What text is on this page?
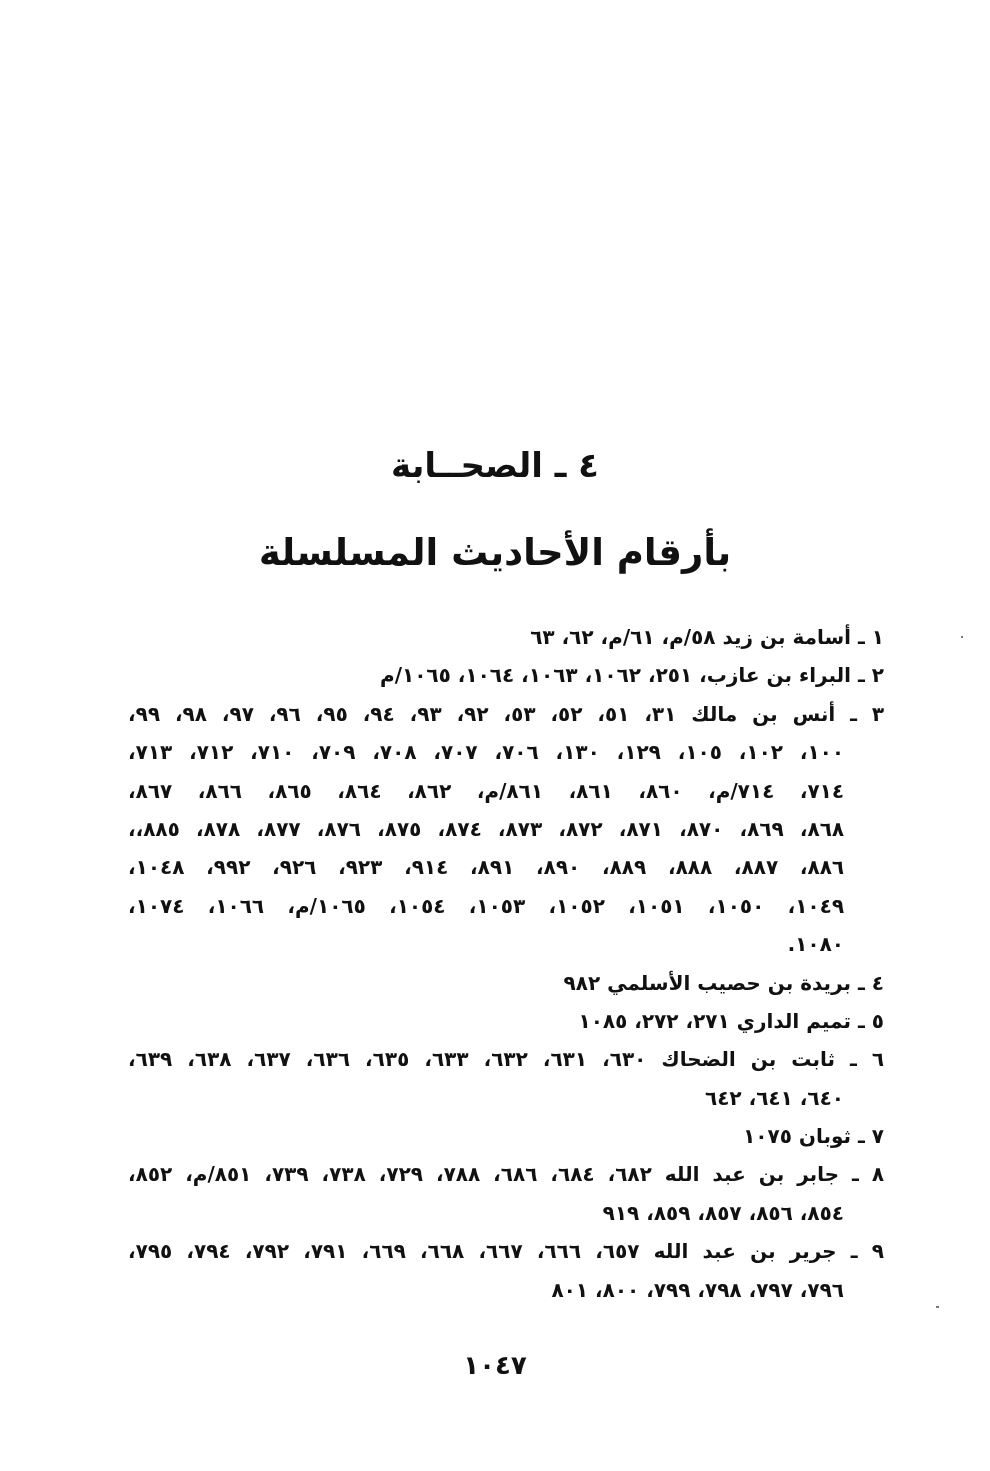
٤ ـ الصحــابة
بأرقام الأحاديث المسلسلة
١ ـ أسامة بن زيد ٥٨/م، ٦١/م، ٦٢، ٦٣
٢ ـ البراء بن عازب، ٢٥١، ١٠٦٢، ١٠٦٣، ١٠٦٤، ١٠٦٥/م
٣ ـ أنس بن مالك ٣١، ٥١، ٥٢، ٥٣، ٩٢، ٩٣، ٩٤، ٩٥، ٩٦، ٩٧، ٩٨، ٩٩،
١٠٠، ١٠٢، ١٠٥، ١٢٩، ١٣٠، ٧٠٦، ٧٠٧، ٧٠٨، ٧٠٩، ٧١٠، ٧١٢، ٧١٣،
٧١٤، ٧١٤/م، ٨٦٠، ٨٦١، ٨٦١/م، ٨٦٢، ٨٦٤، ٨٦٥، ٨٦٦، ٨٦٧،
٨٦٨، ٨٦٩، ٨٧٠، ٨٧١، ٨٧٢، ٨٧٣، ٨٧٤، ٨٧٥، ٨٧٦، ٨٧٧، ٨٧٨، ٨٨٥،،
٨٨٦، ٨٨٧، ٨٨٨، ٨٨٩، ٨٩٠، ٨٩١، ٩١٤، ٩٢٣، ٩٢٦، ٩٩٢، ١٠٤٨،
١٠٤٩، ١٠٥٠، ١٠٥١، ١٠٥٢، ١٠٥٣، ١٠٥٤، ١٠٦٥/م، ١٠٦٦، ١٠٧٤،
١٠٨٠.
٤ ـ بريدة بن حصيب الأسلمي ٩٨٢
٥ ـ تميم الداري ٢٧١، ٢٧٢، ١٠٨٥
٦ ـ ثابت بن الضحاك ٦٣٠، ٦٣١، ٦٣٢، ٦٣٣، ٦٣٥، ٦٣٦، ٦٣٧، ٦٣٨، ٦٣٩،
٦٤٠، ٦٤١، ٦٤٢
٧ ـ ثوبان ١٠٧٥
٨ ـ جابر بن عبد الله ٦٨٢، ٦٨٤، ٦٨٦، ٧٨٨، ٧٢٩، ٧٣٨، ٧٣٩، ٨٥١/م، ٨٥٢،
٨٥٤، ٨٥٦، ٨٥٧، ٨٥٩، ٩١٩
٩ ـ جرير بن عبد الله ٦٥٧، ٦٦٦، ٦٦٧، ٦٦٨، ٦٦٩، ٧٩١، ٧٩٢، ٧٩٤، ٧٩٥،
٧٩٦، ٧٩٧، ٧٩٨، ٧٩٩، ٨٠٠، ٨٠١
١٠٤٧
